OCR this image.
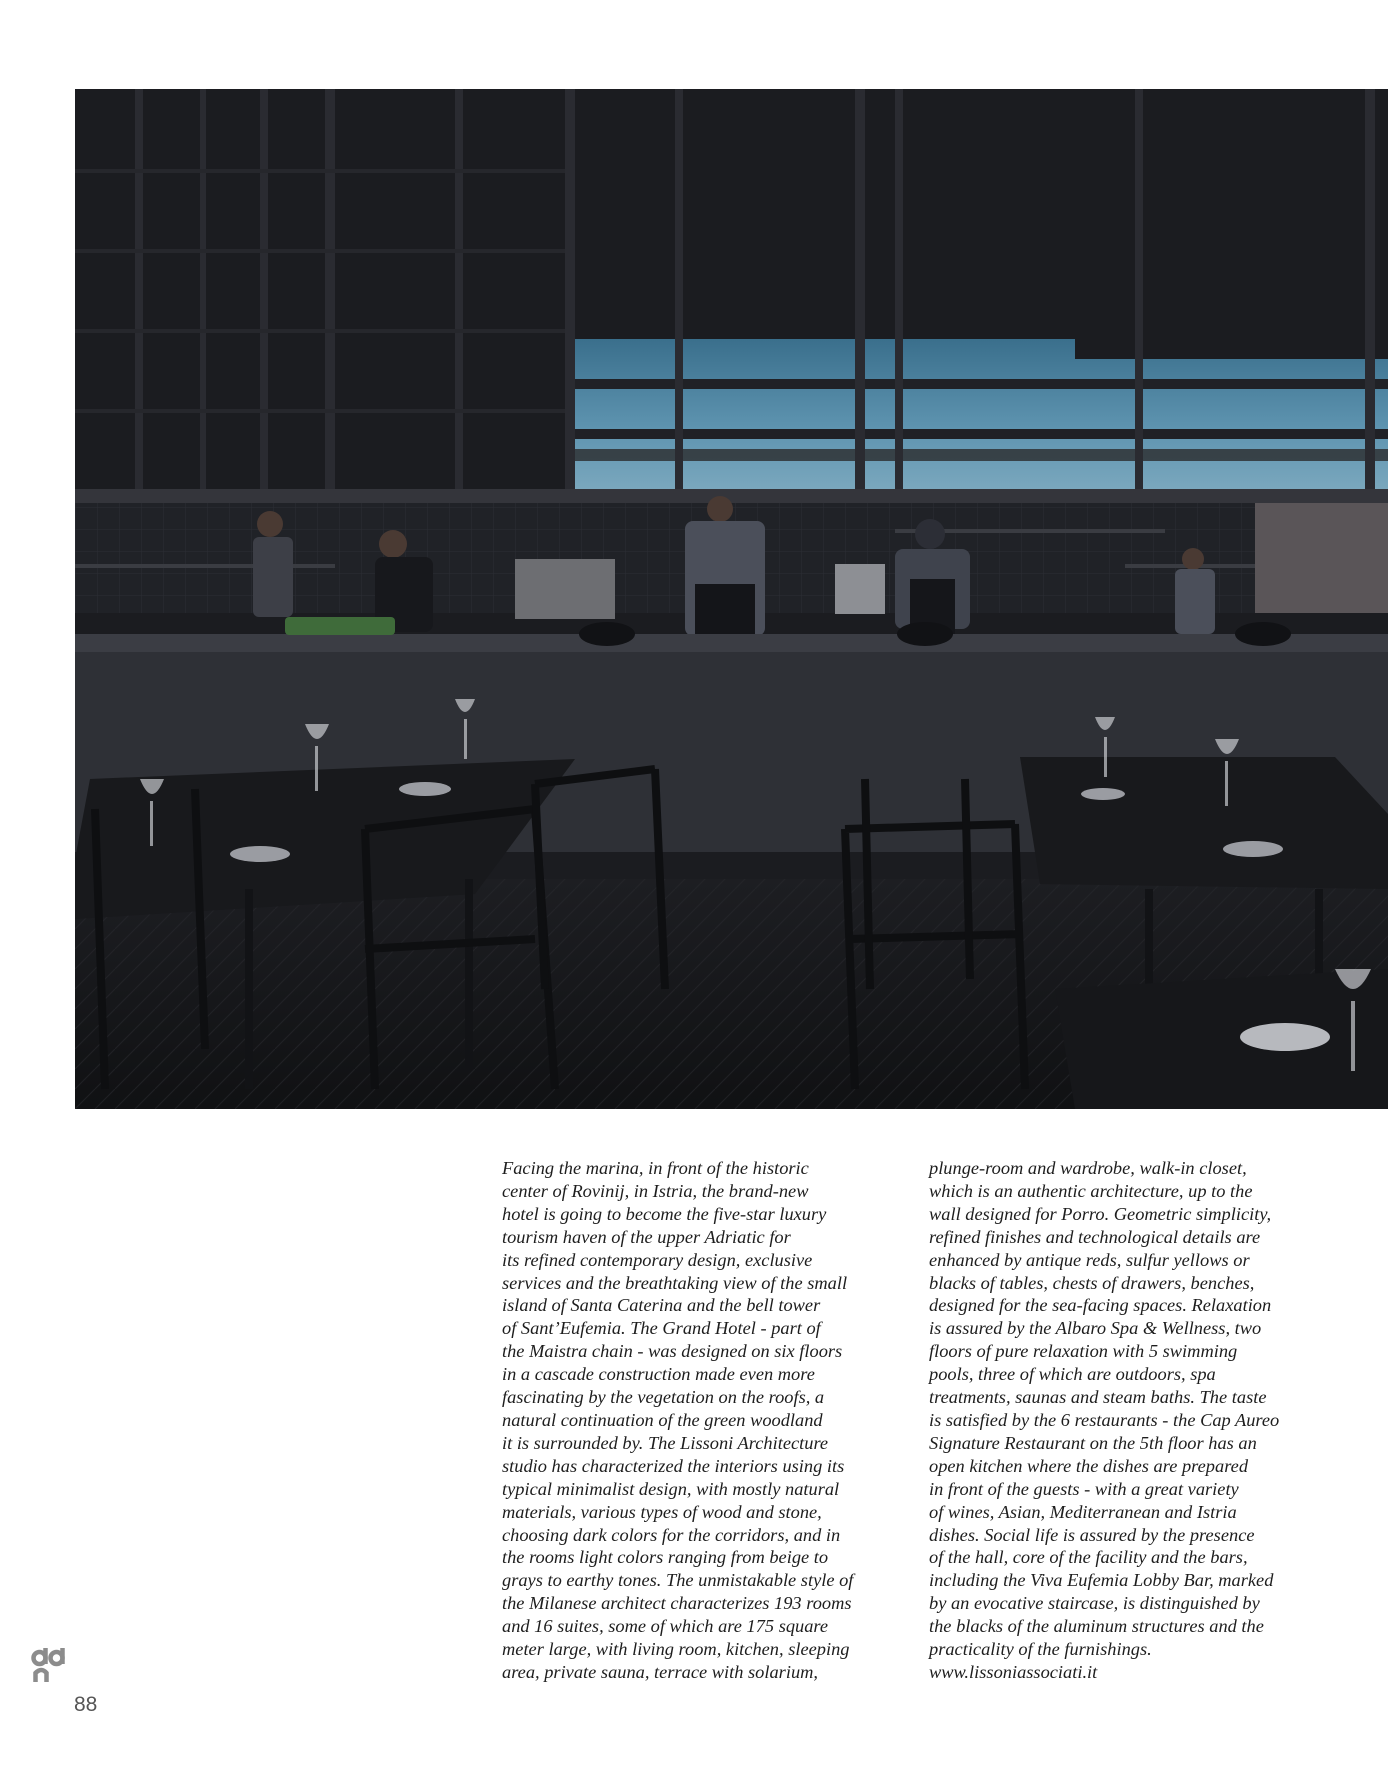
Facing the marina, in front of the historic
center of Rovinij, in Istria, the brand-new
hotel is going to become the five-star luxury
tourism haven of the upper Adriatic for
its refined contemporary design, exclusive
services and the breathtaking view of the small
island of Santa Caterina and the bell tower
of Sant’Eufemia. The Grand Hotel - part of
the Maistra chain - was designed on six floors
in a cascade construction made even more
fascinating by the vegetation on the roofs, a
natural continuation of the green woodland
it is surrounded by. The Lissoni Architecture
studio has characterized the interiors using its
typical minimalist design, with mostly natural
materials, various types of wood and stone,
choosing dark colors for the corridors, and in
the rooms light colors ranging from beige to
grays to earthy tones. The unmistakable style of
the Milanese architect characterizes 193 rooms
and 16 suites, some of which are 175 square
meter large, with living room, kitchen, sleeping
area, private sauna, terrace with solarium,
plunge-room and wardrobe, walk-in closet,
which is an authentic architecture, up to the
wall designed for Porro. Geometric simplicity,
refined finishes and technological details are
enhanced by antique reds, sulfur yellows or
blacks of tables, chests of drawers, benches,
designed for the sea-facing spaces. Relaxation
is assured by the Albaro Spa & Wellness, two
floors of pure relaxation with 5 swimming
pools, three of which are outdoors, spa
treatments, saunas and steam baths. The taste
is satisfied by the 6 restaurants - the Cap Aureo
Signature Restaurant on the 5th floor has an
open kitchen where the dishes are prepared
in front of the guests - with a great variety
of wines, Asian, Mediterranean and Istria
dishes. Social life is assured by the presence
of the hall, core of the facility and the bars,
including the Viva Eufemia Lobby Bar, marked
by an evocative staircase, is distinguished by
the blacks of the aluminum structures and the
practicality of the furnishings.
www.lissoniassociati.it
88
